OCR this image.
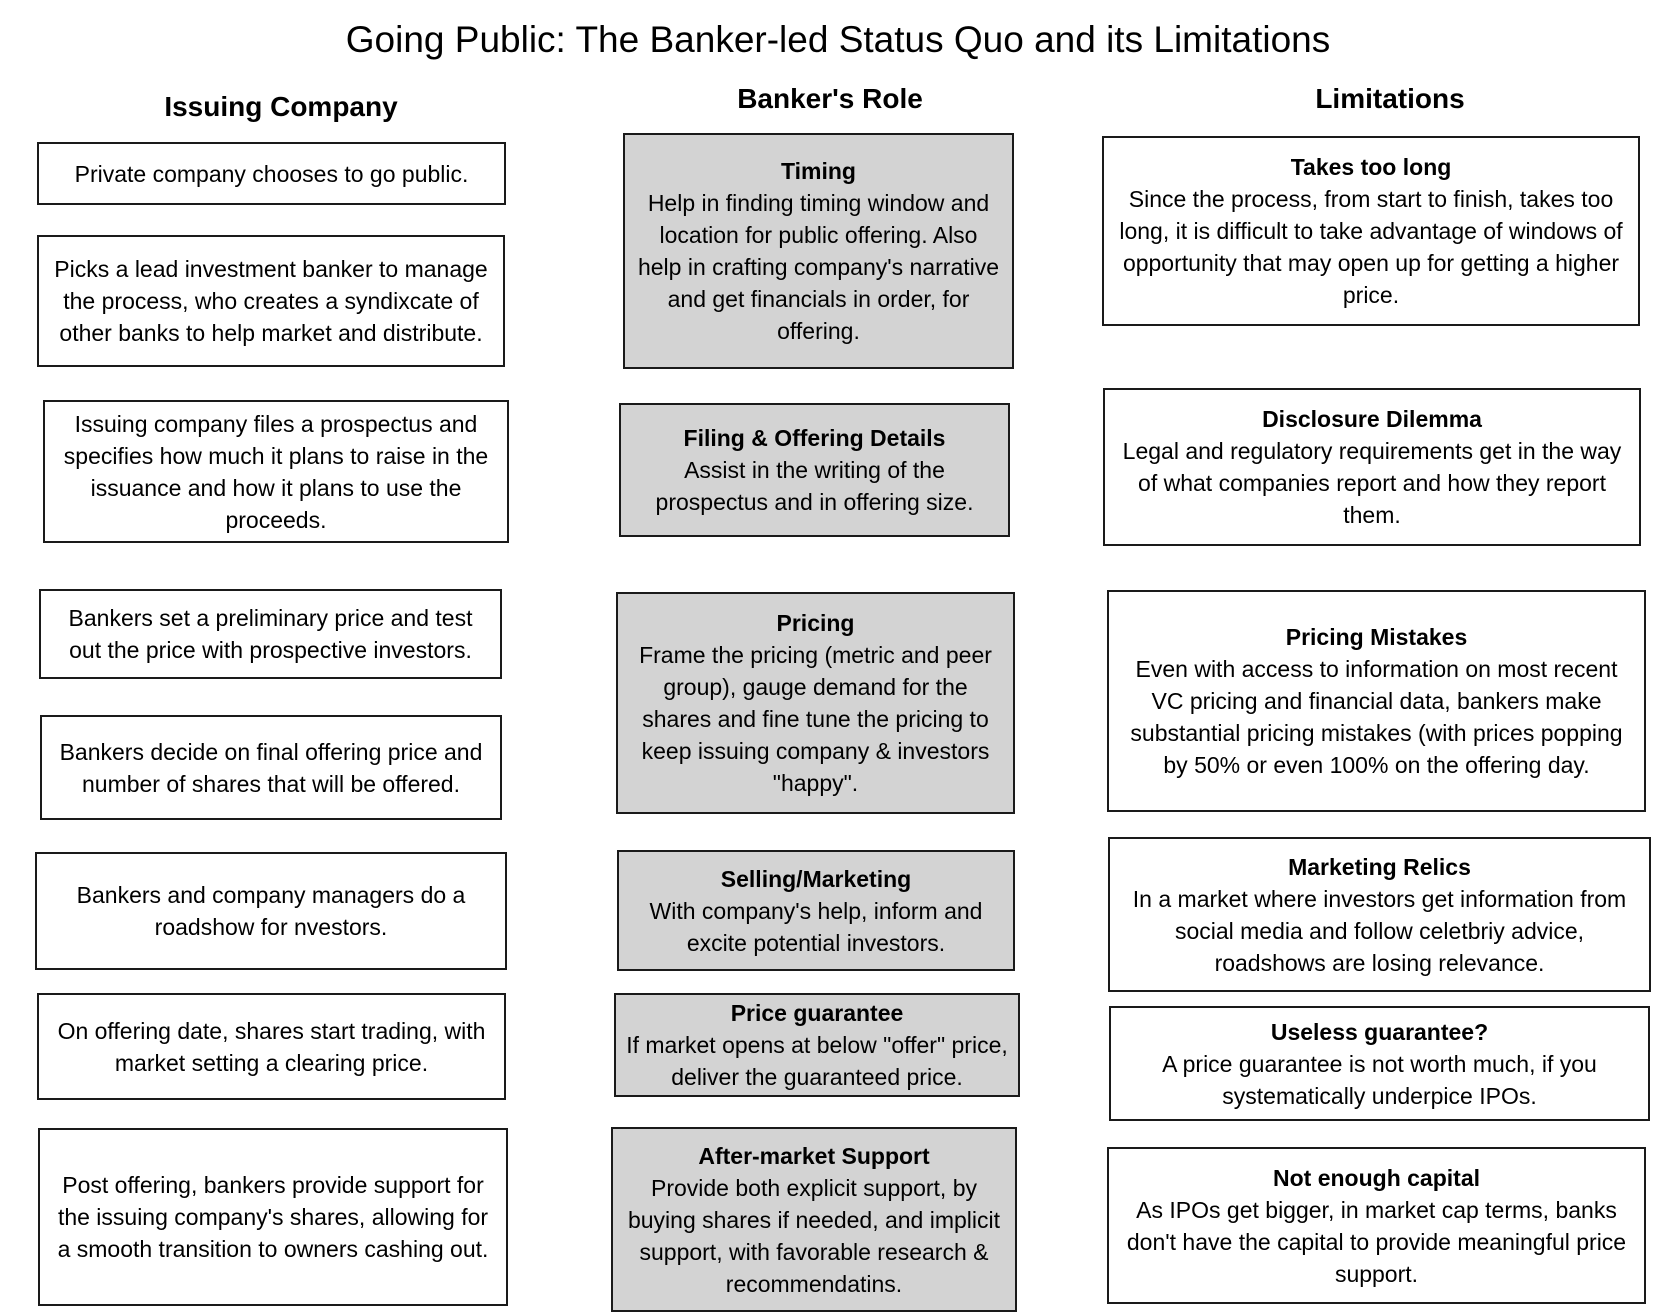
Going Public: The Banker-led Status Quo and its Limitations
Issuing Company	Banker's Role	Limitations
Private company chooses to go public.
Picks a lead investment banker to manage the process, who creates a syndixcate of other banks to help market and distribute.
Issuing company files a prospectus and specifies how much it plans to raise in the issuance and how it plans to use the proceeds.
Bankers set a preliminary price and test out the price with prospective investors.
Bankers decide on final offering price and number of shares that will be offered.
Bankers and company managers do a roadshow for nvestors.
On offering date, shares start trading, with market setting a clearing price.
Post offering, bankers provide support for the issuing company's shares, allowing for a smooth transition to owners cashing out.
Timing
Help in finding timing window and location for public offering. Also help in crafting company's narrative and get financials in order, for offering.
Filing & Offering Details
Assist in the writing of the prospectus and in offering size.
Pricing
Frame the pricing (metric and peer group), gauge demand for the shares and fine tune the pricing to keep issuing company & investors "happy".
Selling/Marketing
With company's help, inform and excite potential investors.
Price guarantee
If market opens at below "offer" price, deliver the guaranteed price.
After-market Support
Provide both explicit support, by buying shares if needed, and implicit support, with favorable research & recommendatins.
Takes too long
Since the process, from start to finish, takes too long, it is difficult to take advantage of windows of opportunity that may open up for getting a higher price.
Disclosure Dilemma
Legal and regulatory requirements get in the way of what companies report and how they report them.
Pricing Mistakes
Even with access to information on most recent VC pricing and financial data, bankers make substantial pricing mistakes (with prices popping by 50% or even 100% on the offering day.
Marketing Relics
In a market where investors get information from social media and follow celetbriy advice, roadshows are losing relevance.
Useless guarantee?
A price guarantee is not worth much, if you systematically underpice IPOs.
Not enough capital
As IPOs get bigger, in market cap terms, banks don't have the capital to provide meaningful price support.
